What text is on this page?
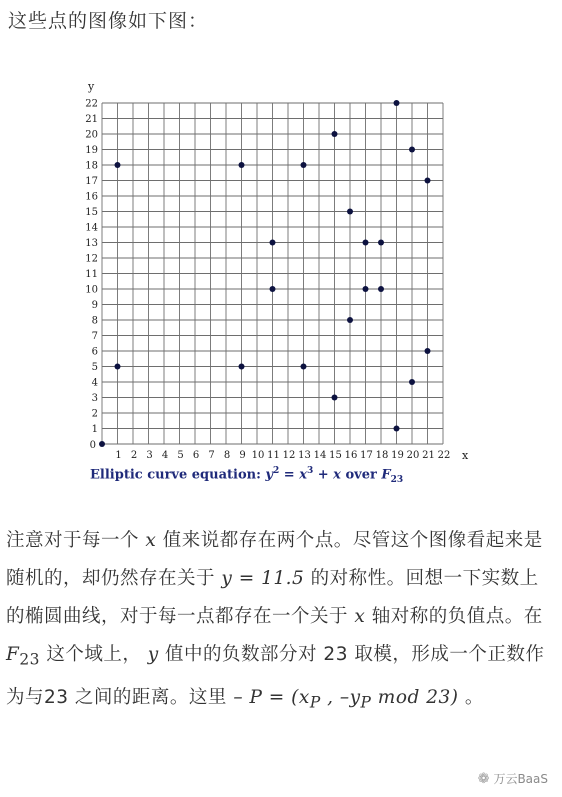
这些点的图像如下图：

0
1 2 3 4 5 6 7 8 9 10 11 12 13 14 15 16 17 18 19 20 21 22
1
2
3
4
5
6
7
8
9
10
11
12
13
14
15
16
17
18
19
20
21
22
x
y

Elliptic curve equation: $y^2 = x^3 + x$ over $F_{23}$

注意对于每一个 x 值来说都存在两个点。尽管这个图像看起来是随机的，却仍然存在关于 y = 11.5 的对称性。回想一下实数上的椭圆曲线，对于每一点都存在一个关于 x 轴对称的负值点。在 $F_{23}$ 这个域上， y 值中的负数部分对 23 取模，形成一个正数作为与23 之间的距离。这里 – $P = (x_P$ , $-y_P$ mod 23) 。

❁ 万云BaaS
